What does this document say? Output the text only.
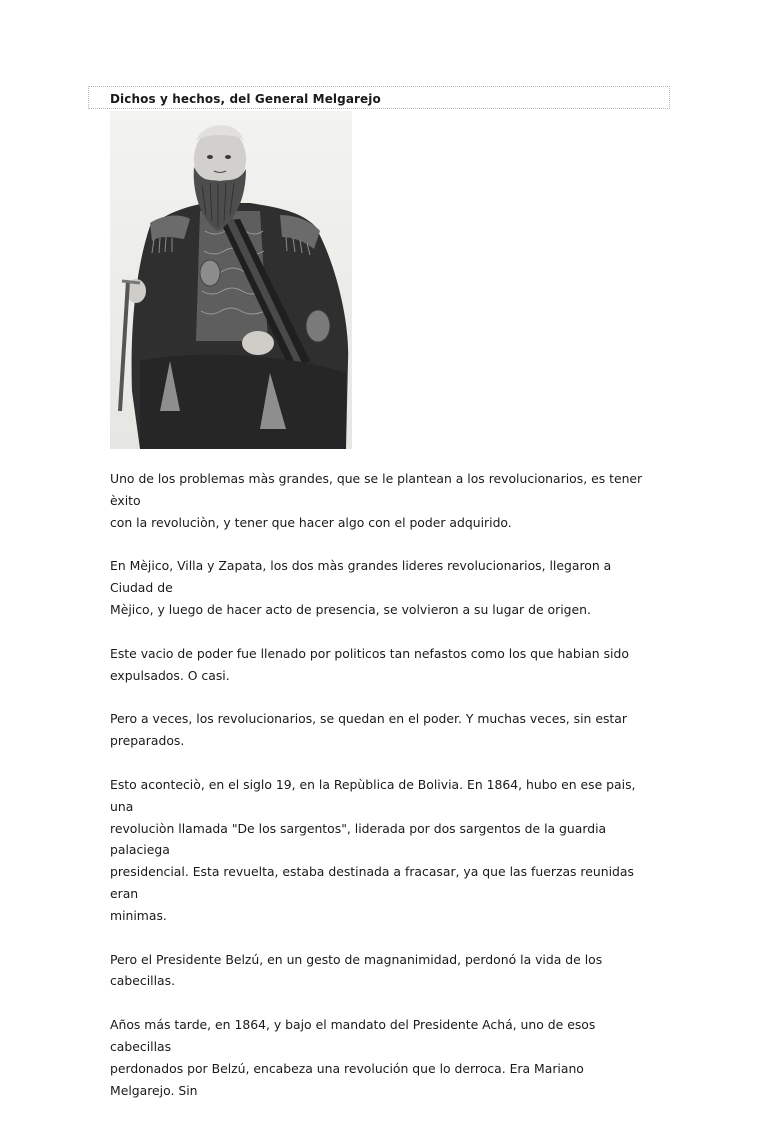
Dichos y hechos, del General Melgarejo

Uno de los problemas màs grandes, que se le plantean a los revolucionarios, es tener èxito
con la revoluciòn, y tener que hacer algo con el poder adquirido.

En Mèjico, Villa y Zapata, los dos màs grandes lideres revolucionarios, llegaron a Ciudad de
Mèjico, y luego de hacer acto de presencia, se volvieron a su lugar de origen.

Este vacio de poder fue llenado por politicos tan nefastos como los que habian sido
expulsados. O casi.

Pero a veces, los revolucionarios, se quedan en el poder. Y muchas veces, sin estar
preparados.

Esto aconteciò, en el siglo 19, en la Repùblica de Bolivia. En 1864, hubo en ese pais, una
revoluciòn llamada "De los sargentos", liderada por dos sargentos de la guardia palaciega
presidencial. Esta revuelta, estaba destinada a fracasar, ya que las fuerzas reunidas eran
minimas.

Pero el Presidente Belzú, en un gesto de magnanimidad, perdonó la vida de los cabecillas.

Años más tarde, en 1864, y bajo el mandato del Presidente Achá, uno de esos cabecillas
perdonados por Belzú, encabeza una revolución que lo derroca. Era Mariano Melgarejo. Sin
